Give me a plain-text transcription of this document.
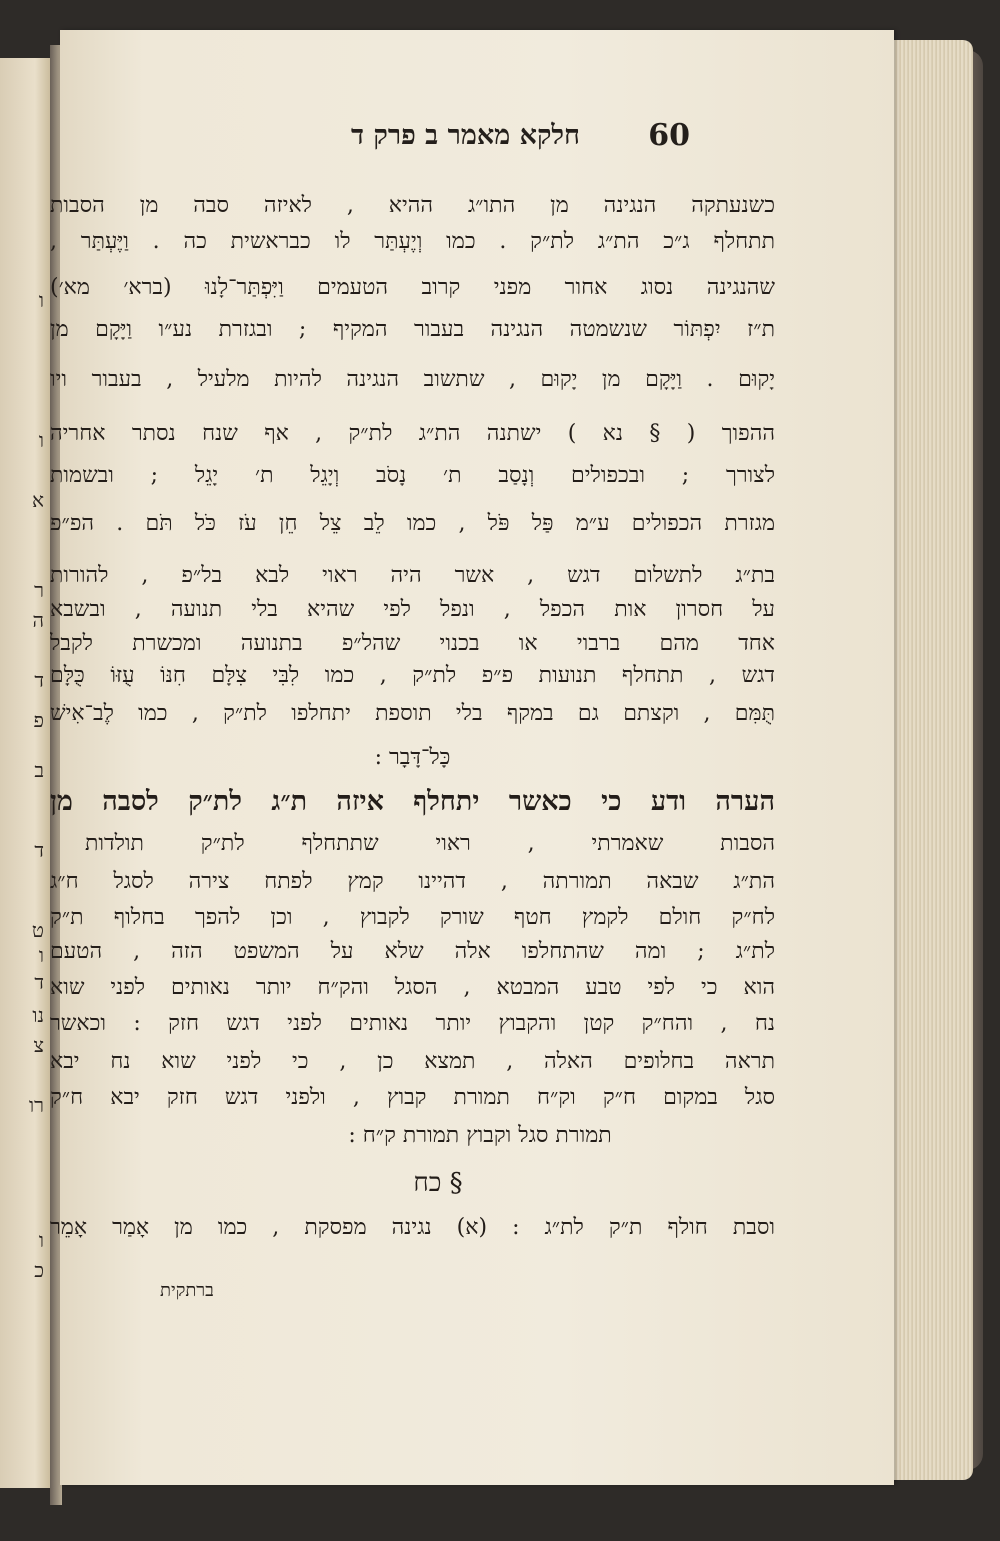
ו
ו
א
ר
ה
ד
פ
ב
ד
ט
ו
ד
נו
צ
רו
ו
כ
חלקא מאמר ב פרק ד 60
כשנעתקה הנגינה מן התו״ג ההיא , לאיזה סבה מן הסבות
תתחלף ג״כ הת״ג לת״ק . כמו וְיֶעְתַּר לו כבראשית כה . וַיֶּעְתַּר ,
שהנגינה נסוג אחור מפני קרוב הטעמים וַיִּפְתַּר־לָנוּ (ברא׳ מא׳)
ת״ז יִפְתּוֹר שנשמטה הנגינה בעבור המקיף ; ובגזרת נע״ו וַיָּקָם מן
יָקוּם . וַיָּקָם מן יָקוּם , שתשוב הנגינה להיות מלעיל , בעבור ויו
ההפוך ( § נא ) ישתנה הת״ג לת״ק , אף שנח נסתר אחריה
לצורך ; ובכפולים וְנָסַב ת׳ נָסֹב וְיָגֵל ת׳ יָגֵל ; ובשמות
מגזרת הכפולים ע״מ פַּל פֹּל , כמו לֵב צֵל חֵן עֹז כֹּל תֹּם . הפ״פ
בת״ג לתשלום דגש , אשר היה ראוי לבא בל״פ , להורות
על חסרון אות הכפל , ונפל לפי שהיא בלי תנועה , ובשבא
אחד מהם ברבוי או בכנוי שהל״פ בתנועה ומכשרת לקבל
דגש , תתחלף תנועות פ״פ לת״ק , כמו לִבִּי צִלָּם חִנּוֹ עֻזּוֹ כֻּלָּם
תֻּמִּם , וקצתם גם במקף בלי תוספת יתחלפו לת״ק , כמו לֶב־אִישׁ
כָּל־דָּבָר :
הערה ודע כי כאשר יתחלף איזה ת״ג לת״ק לסבה מן
הסבות שאמרתי , ראוי שתתחלף לת״ק תולדות
הת״ג שבאה תמורתה , דהיינו קמץ לפתח צירה לסגל ח״ג
לח״ק חולם לקמץ חטף שורק לקבוץ , וכן להפך בחלוף ת״ק
לת״ג ; ומה שהתחלפו אלה שלא על המשפט הזה , הטעם
הוא כי לפי טבע המבטא , הסגל והק״ח יותר נאותים לפני שוא
נח , והח״ק קטן והקבוץ יותר נאותים לפני דגש חזק : וכאשר
תראה בחלופים האלה , תמצא כן , כי לפני שוא נח יבא
סגל במקום ח״ק וק״ח תמורת קבוץ , ולפני דגש חזק יבא ח״ק
תמורת סגל וקבוץ תמורת ק״ח :
וסבת חולף ת״ק לת״ג : (א) נגינה מפסקת , כמו מן אָמַר אָמֵר
§ כח
ברתקית
